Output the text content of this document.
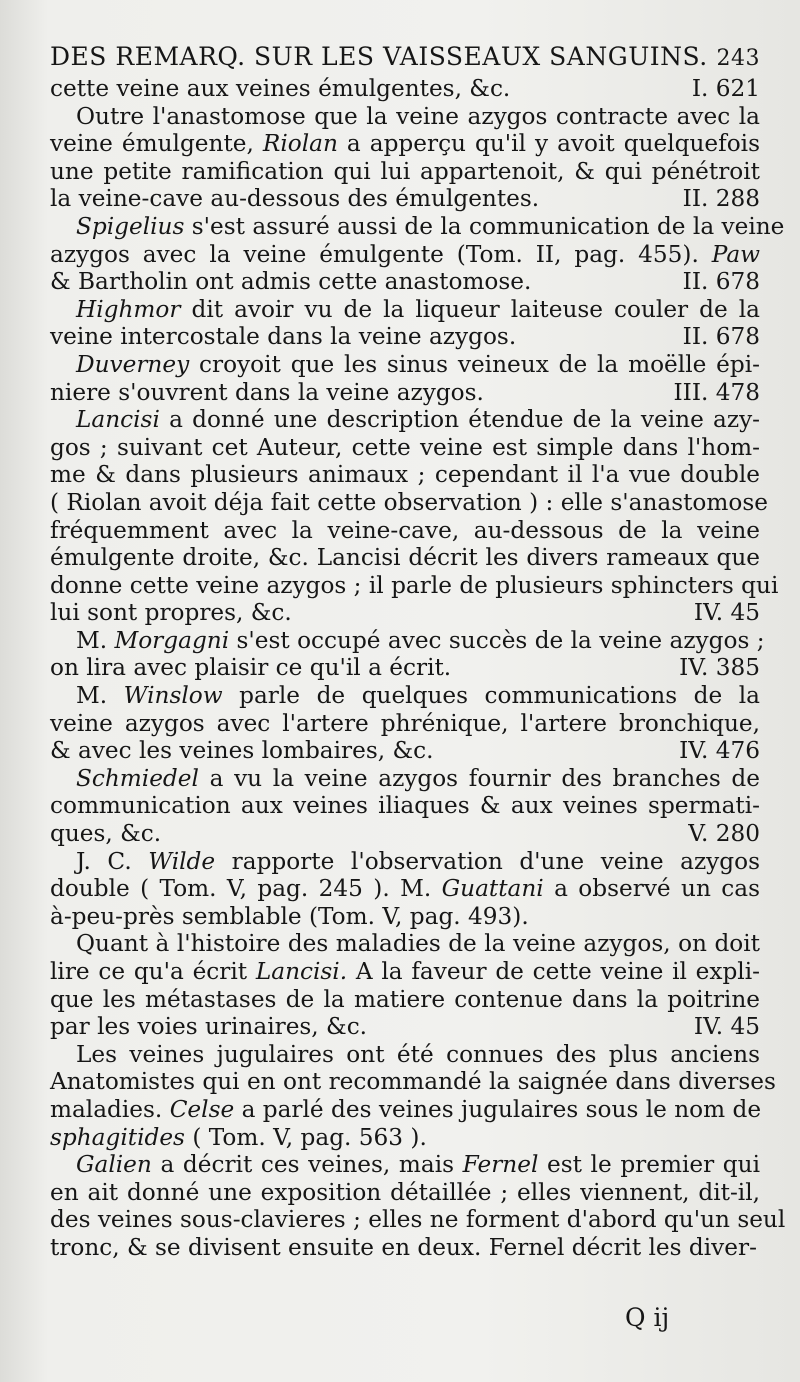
DES REMARQ. SUR LES VAISSEAUX SANGUINS. 243
cette veine aux veines émulgentes, &c.	I. 621
Outre l'anastomose que la veine azygos contracte avec la
veine émulgente, Riolan a apperçu qu'il y avoit quelquefois
une petite ramification qui lui appartenoit, & qui pénétroit
la veine-cave au-dessous des émulgentes.	II. 288
Spigelius s'est assuré aussi de la communication de la veine
azygos avec la veine émulgente (Tom. II, pag. 455). Paw
& Bartholin ont admis cette anastomose.	II. 678
Highmor dit avoir vu de la liqueur laiteuse couler de la
veine intercostale dans la veine azygos.	II. 678
Duverney croyoit que les sinus veineux de la moëlle épi-
niere s'ouvrent dans la veine azygos.	III. 478
Lancisi a donné une description étendue de la veine azy-
gos ; suivant cet Auteur, cette veine est simple dans l'hom-
me & dans plusieurs animaux ; cependant il l'a vue double
( Riolan avoit déja fait cette observation ) : elle s'anastomose
fréquemment avec la veine-cave, au-dessous de la veine
émulgente droite, &c. Lancisi décrit les divers rameaux que
donne cette veine azygos ; il parle de plusieurs sphincters qui
lui sont propres, &c.	IV. 45
M. Morgagni s'est occupé avec succès de la veine azygos ;
on lira avec plaisir ce qu'il a écrit.	IV. 385
M. Winslow parle de quelques communications de la
veine azygos avec l'artere phrénique, l'artere bronchique,
& avec les veines lombaires, &c.	IV. 476
Schmiedel a vu la veine azygos fournir des branches de
communication aux veines iliaques & aux veines spermati-
ques, &c.	V. 280
J. C. Wilde rapporte l'observation d'une veine azygos
double ( Tom. V, pag. 245 ). M. Guattani a observé un cas
à-peu-près semblable (Tom. V, pag. 493).
Quant à l'histoire des maladies de la veine azygos, on doit
lire ce qu'a écrit Lancisi. A la faveur de cette veine il expli-
que les métastases de la matiere contenue dans la poitrine
par les voies urinaires, &c.	IV. 45
Les veines jugulaires ont été connues des plus anciens
Anatomistes qui en ont recommandé la saignée dans diverses
maladies. Celse a parlé des veines jugulaires sous le nom de
sphagitides ( Tom. V, pag. 563 ).
Galien a décrit ces veines, mais Fernel est le premier qui
en ait donné une exposition détaillée ; elles viennent, dit-il,
des veines sous-clavieres ; elles ne forment d'abord qu'un seul
tronc, & se divisent ensuite en deux. Fernel décrit les diver-
Q ij
